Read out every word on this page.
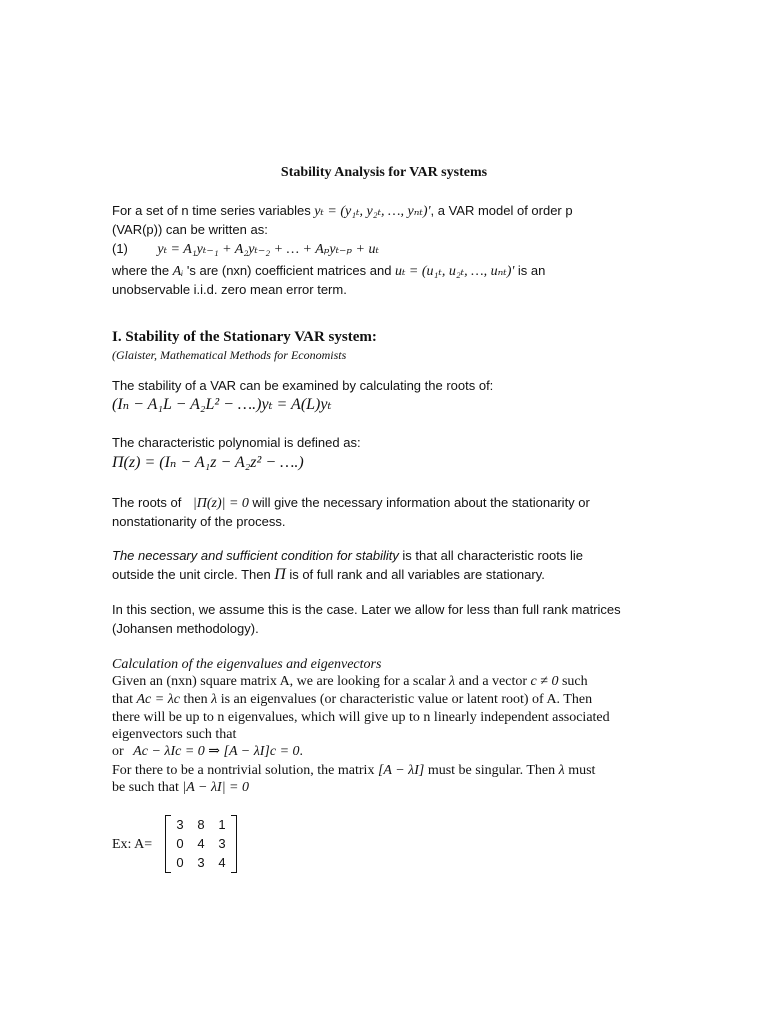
Stability Analysis for VAR systems
For a set of n time series variables yₜ = (y₁ₜ, y₂ₜ, …, yₙₜ)', a VAR model of order p
(VAR(p)) can be written as:
(1) yₜ = A₁yₜ₋₁ + A₂yₜ₋₂ + … + Aₚyₜ₋ₚ + uₜ
where the Aᵢ 's are (nxn) coefficient matrices and uₜ = (u₁ₜ, u₂ₜ, …, uₙₜ)' is an
unobservable i.i.d. zero mean error term.
I. Stability of the Stationary VAR system:
(Glaister, Mathematical Methods for Economists
The stability of a VAR can be examined by calculating the roots of:
(Iₙ − A₁L − A₂L² − ….)yₜ = A(L)yₜ
The characteristic polynomial is defined as:
Π(z) = (Iₙ − A₁z − A₂z² − ….)
The roots of |Π(z)| = 0 will give the necessary information about the stationarity or
nonstationarity of the process.
The necessary and sufficient condition for stability is that all characteristic roots lie
outside the unit circle. Then Π is of full rank and all variables are stationary.
In this section, we assume this is the case. Later we allow for less than full rank matrices
(Johansen methodology).
Calculation of the eigenvalues and eigenvectors
Given an (nxn) square matrix A, we are looking for a scalar λ and a vector c ≠ 0 such
that Ac = λc then λ is an eigenvalues (or characteristic value or latent root) of A. Then
there will be up to n eigenvalues, which will give up to n linearly independent associated
eigenvectors such that
or Ac − λIc = 0 ⇒ [A − λI]c = 0.
For there to be a nontrivial solution, the matrix [A − λI] must be singular. Then λ must
be such that |A − λI| = 0
Ex: A=
3	8	1
0	4	3
0	3	4
